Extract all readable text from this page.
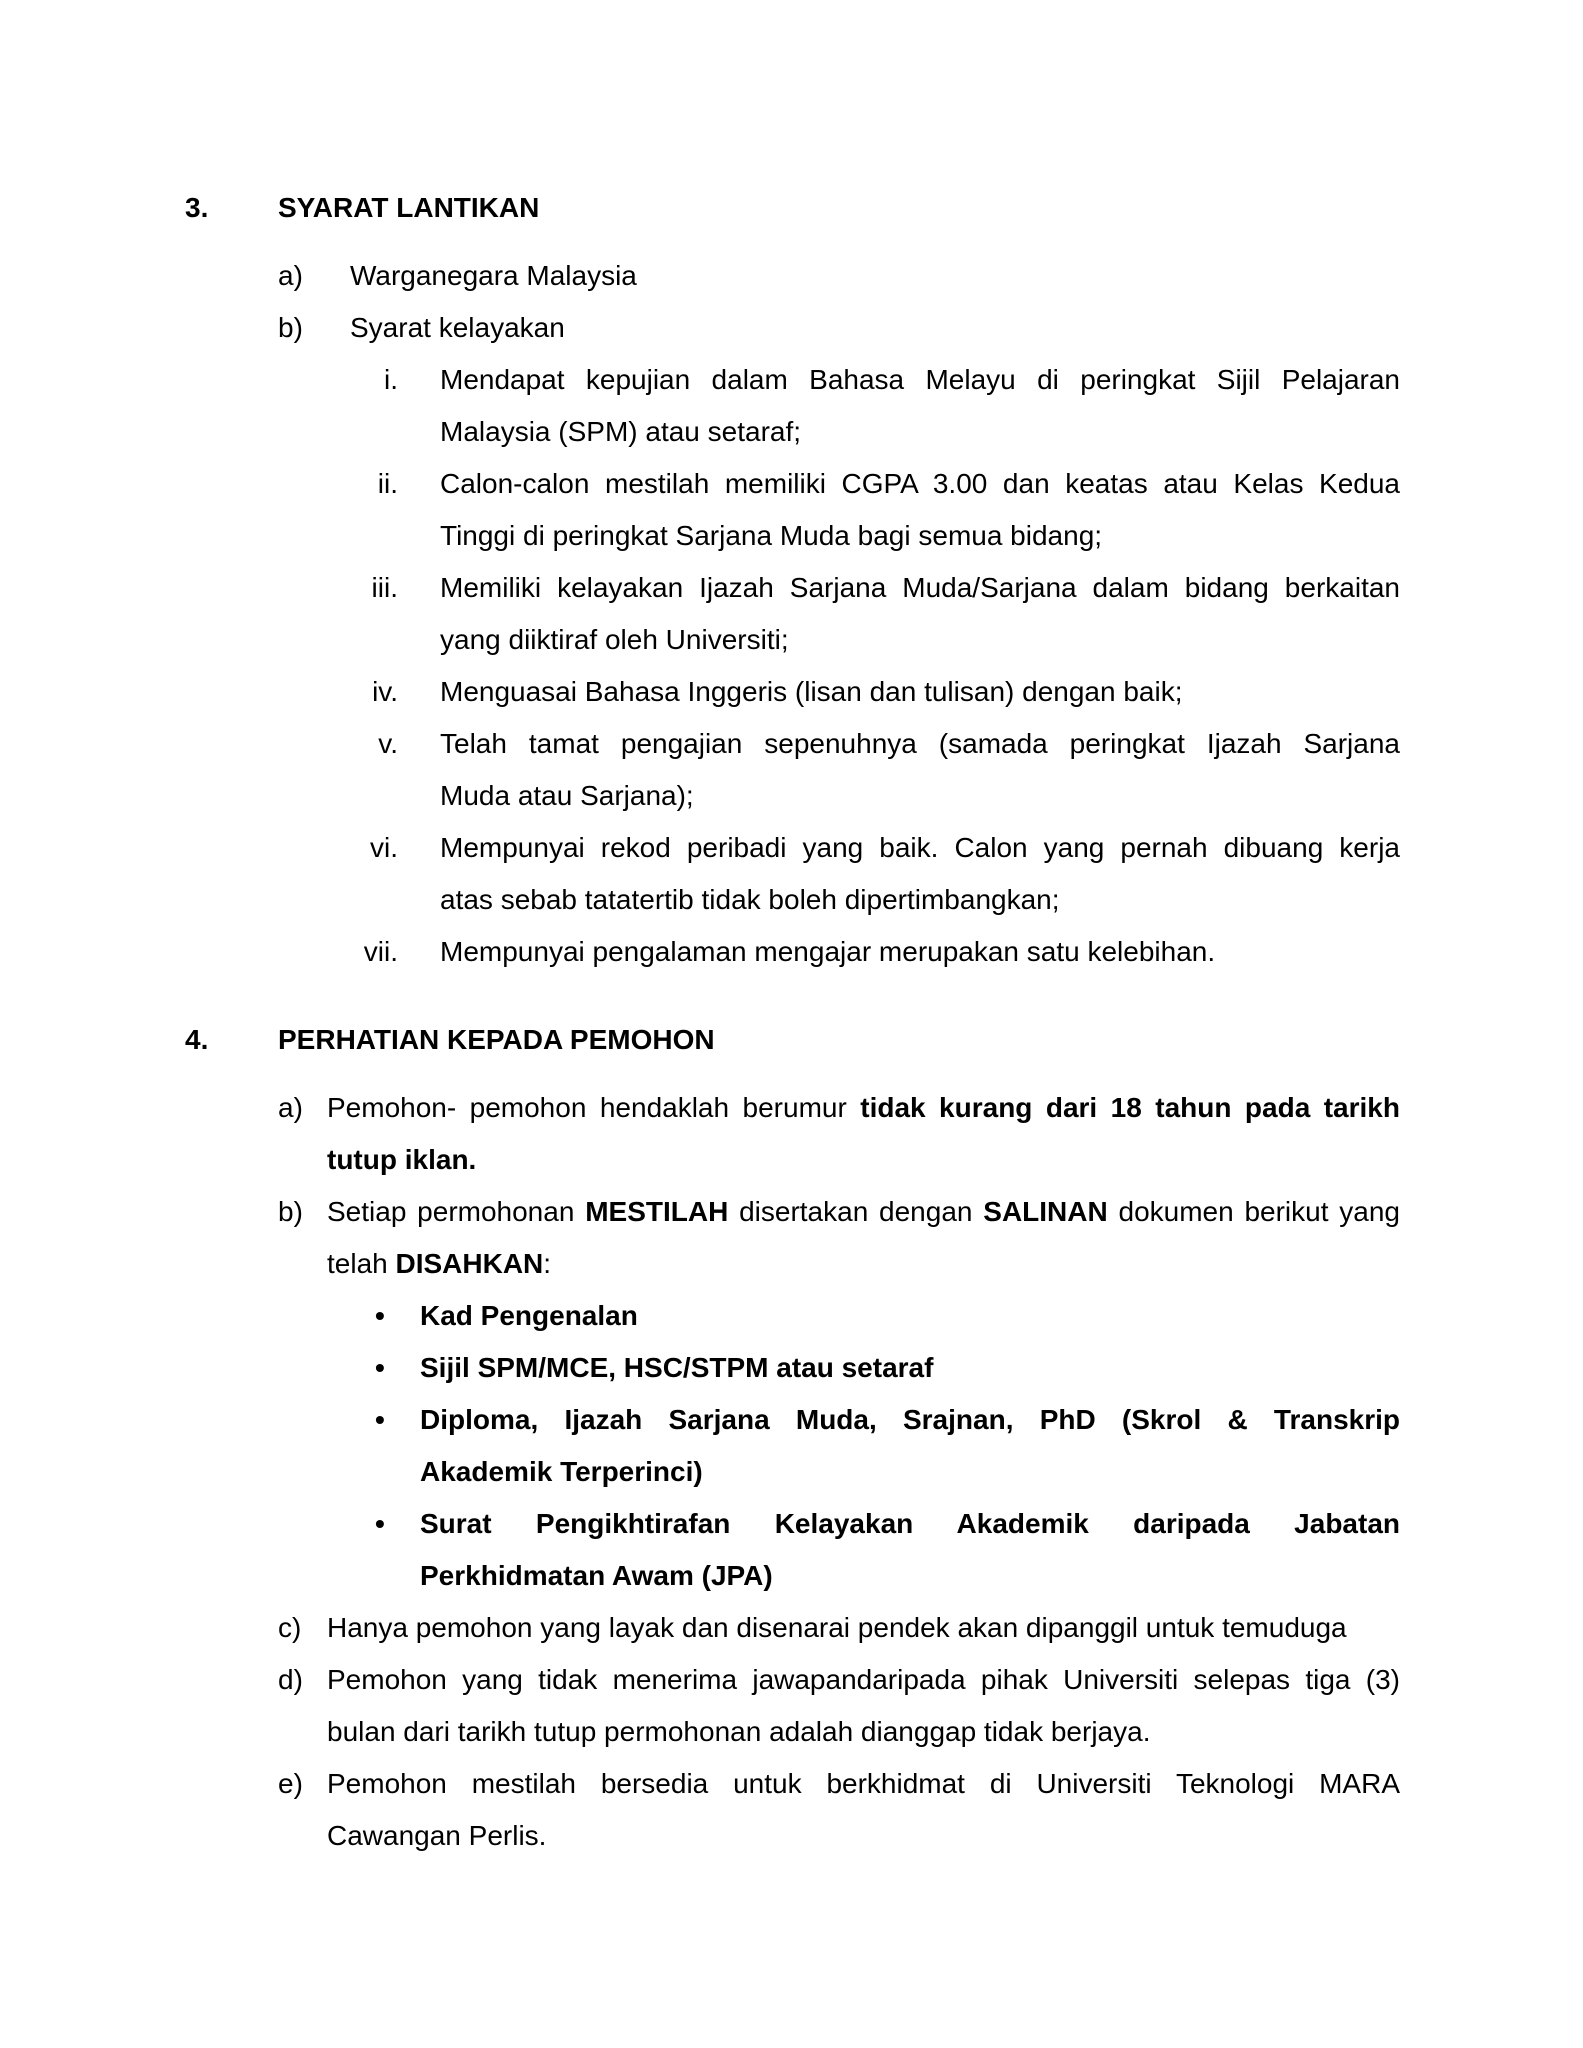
3.	SYARAT LANTIKAN
a)	Warganegara Malaysia
b)	Syarat kelayakan
i. Mendapat kepujian dalam Bahasa Melayu di peringkat Sijil Pelajaran
Malaysia (SPM) atau setaraf;
ii. Calon-calon mestilah memiliki CGPA 3.00 dan keatas atau Kelas Kedua
Tinggi di peringkat Sarjana Muda bagi semua bidang;
iii. Memiliki kelayakan Ijazah Sarjana Muda/Sarjana dalam bidang berkaitan
yang diiktiraf oleh Universiti;
iv. Menguasai Bahasa Inggeris (lisan dan tulisan) dengan baik;
v. Telah tamat pengajian sepenuhnya (samada peringkat Ijazah Sarjana
Muda atau Sarjana);
vi. Mempunyai rekod peribadi yang baik. Calon yang pernah dibuang kerja
atas sebab tatatertib tidak boleh dipertimbangkan;
vii. Mempunyai pengalaman mengajar merupakan satu kelebihan.
4.	PERHATIAN KEPADA PEMOHON
a) Pemohon- pemohon hendaklah berumur tidak kurang dari 18 tahun pada tarikh
tutup iklan.
b) Setiap permohonan MESTILAH disertakan dengan SALINAN dokumen berikut yang
telah DISAHKAN:
•	Kad Pengenalan
•	Sijil SPM/MCE, HSC/STPM atau setaraf
•	Diploma, Ijazah Sarjana Muda, Srajnan, PhD (Skrol & Transkrip
Akademik Terperinci)
•	Surat Pengikhtirafan Kelayakan Akademik daripada Jabatan
Perkhidmatan Awam (JPA)
c) Hanya pemohon yang layak dan disenarai pendek akan dipanggil untuk temuduga
d) Pemohon yang tidak menerima jawapandaripada pihak Universiti selepas tiga (3)
bulan dari tarikh tutup permohonan adalah dianggap tidak berjaya.
e) Pemohon mestilah bersedia untuk berkhidmat di Universiti Teknologi MARA
Cawangan Perlis.
